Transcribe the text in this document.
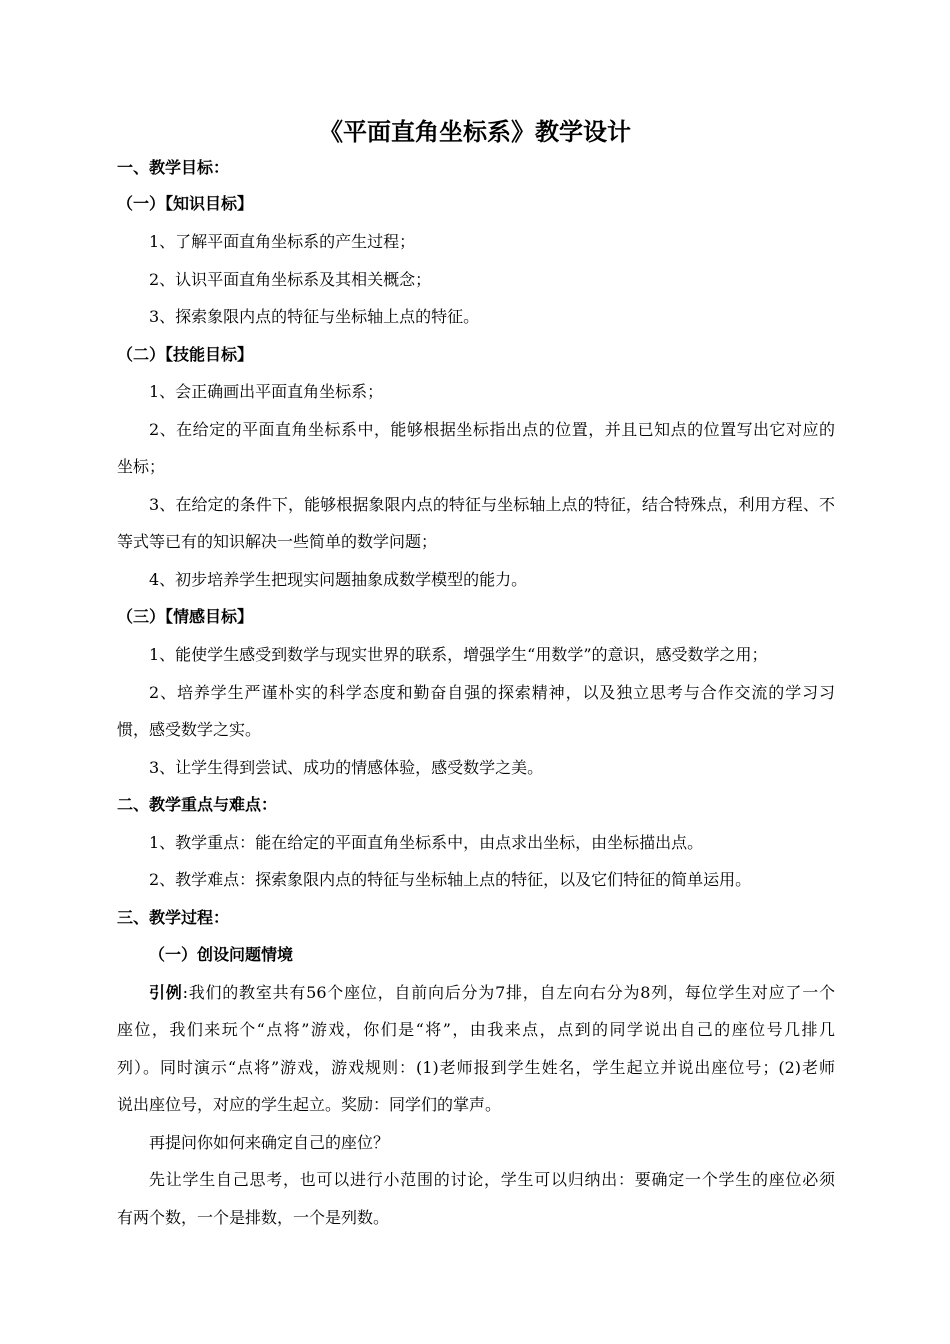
《平面直角坐标系》教学设计
一、教学目标：
（一）【知识目标】
1、了解平面直角坐标系的产生过程；
2、认识平面直角坐标系及其相关概念；
3、探索象限内点的特征与坐标轴上点的特征。
（二）【技能目标】
1、会正确画出平面直角坐标系；
2、在给定的平面直角坐标系中，能够根据坐标指出点的位置，并且已知点的位置写出它对应的
坐标；
3、在给定的条件下，能够根据象限内点的特征与坐标轴上点的特征，结合特殊点，利用方程、不
等式等已有的知识解决一些简单的数学问题；
4、初步培养学生把现实问题抽象成数学模型的能力。
（三）【情感目标】
1、能使学生感受到数学与现实世界的联系，增强学生“用数学”的意识，感受数学之用；
2、培养学生严谨朴实的科学态度和勤奋自强的探索精神，以及独立思考与合作交流的学习习
惯，感受数学之实。
3、让学生得到尝试、成功的情感体验，感受数学之美。
二、教学重点与难点：
1、教学重点：能在给定的平面直角坐标系中，由点求出坐标，由坐标描出点。
2、教学难点：探索象限内点的特征与坐标轴上点的特征，以及它们特征的简单运用。
三、教学过程：
（一）创设问题情境
引例:我们的教室共有56个座位，自前向后分为7排，自左向右分为8列，每位学生对应了一个
座位，我们来玩个“点将”游戏，你们是“将”，由我来点，点到的同学说出自己的座位号几排几
列）。同时演示“点将”游戏，游戏规则：(1)老师报到学生姓名，学生起立并说出座位号；(2)老师
说出座位号，对应的学生起立。奖励：同学们的掌声。
再提问你如何来确定自己的座位？
先让学生自己思考，也可以进行小范围的讨论，学生可以归纳出：要确定一个学生的座位必须
有两个数，一个是排数，一个是列数。
